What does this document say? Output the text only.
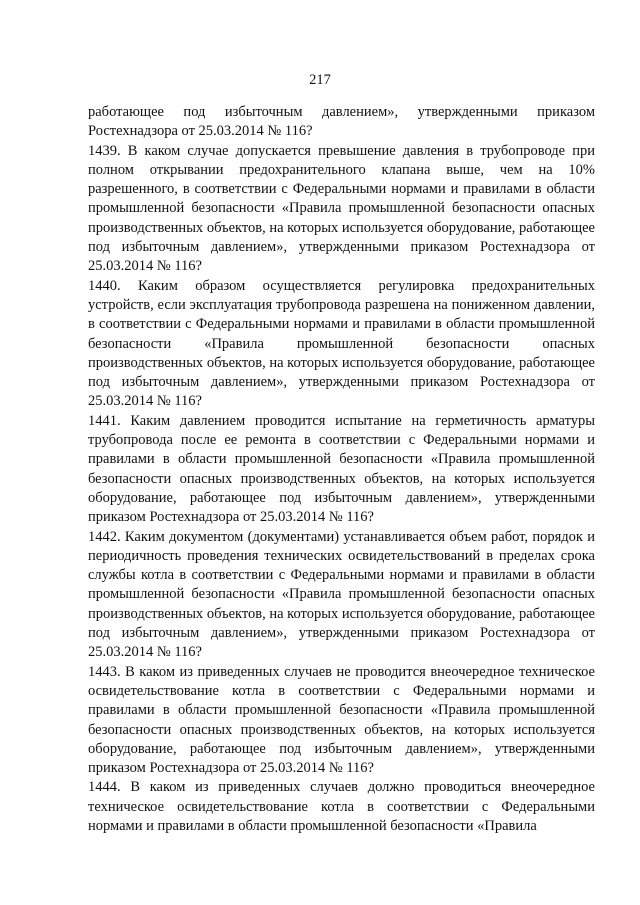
217

работающее под избыточным давлением», утвержденными приказом Ростехнадзора от 25.03.2014 № 116?

1439. В каком случае допускается превышение давления в трубопроводе при полном открывании предохранительного клапана выше, чем на 10% разрешенного, в соответствии с Федеральными нормами и правилами в области промышленной безопасности «Правила промышленной безопасности опасных производственных объектов, на которых используется оборудование, работающее под избыточным давлением», утвержденными приказом Ростехнадзора от 25.03.2014 № 116?

1440. Каким образом осуществляется регулировка предохранительных устройств, если эксплуатация трубопровода разрешена на пониженном давлении, в соответствии с Федеральными нормами и правилами в области промышленной безопасности «Правила промышленной безопасности опасных производственных объектов, на которых используется оборудование, работающее под избыточным давлением», утвержденными приказом Ростехнадзора от 25.03.2014 № 116?

1441. Каким давлением проводится испытание на герметичность арматуры трубопровода после ее ремонта в соответствии с Федеральными нормами и правилами в области промышленной безопасности «Правила промышленной безопасности опасных производственных объектов, на которых используется оборудование, работающее под избыточным давлением», утвержденными приказом Ростехнадзора от 25.03.2014 № 116?

1442. Каким документом (документами) устанавливается объем работ, порядок и периодичность проведения технических освидетельствований в пределах срока службы котла в соответствии с Федеральными нормами и правилами в области промышленной безопасности «Правила промышленной безопасности опасных производственных объектов, на которых используется оборудование, работающее под избыточным давлением», утвержденными приказом Ростехнадзора от 25.03.2014 № 116?

1443. В каком из приведенных случаев не проводится внеочередное техническое освидетельствование котла в соответствии с Федеральными нормами и правилами в области промышленной безопасности «Правила промышленной безопасности опасных производственных объектов, на которых используется оборудование, работающее под избыточным давлением», утвержденными приказом Ростехнадзора от 25.03.2014 № 116?

1444. В каком из приведенных случаев должно проводиться внеочередное техническое освидетельствование котла в соответствии с Федеральными нормами и правилами в области промышленной безопасности «Правила
